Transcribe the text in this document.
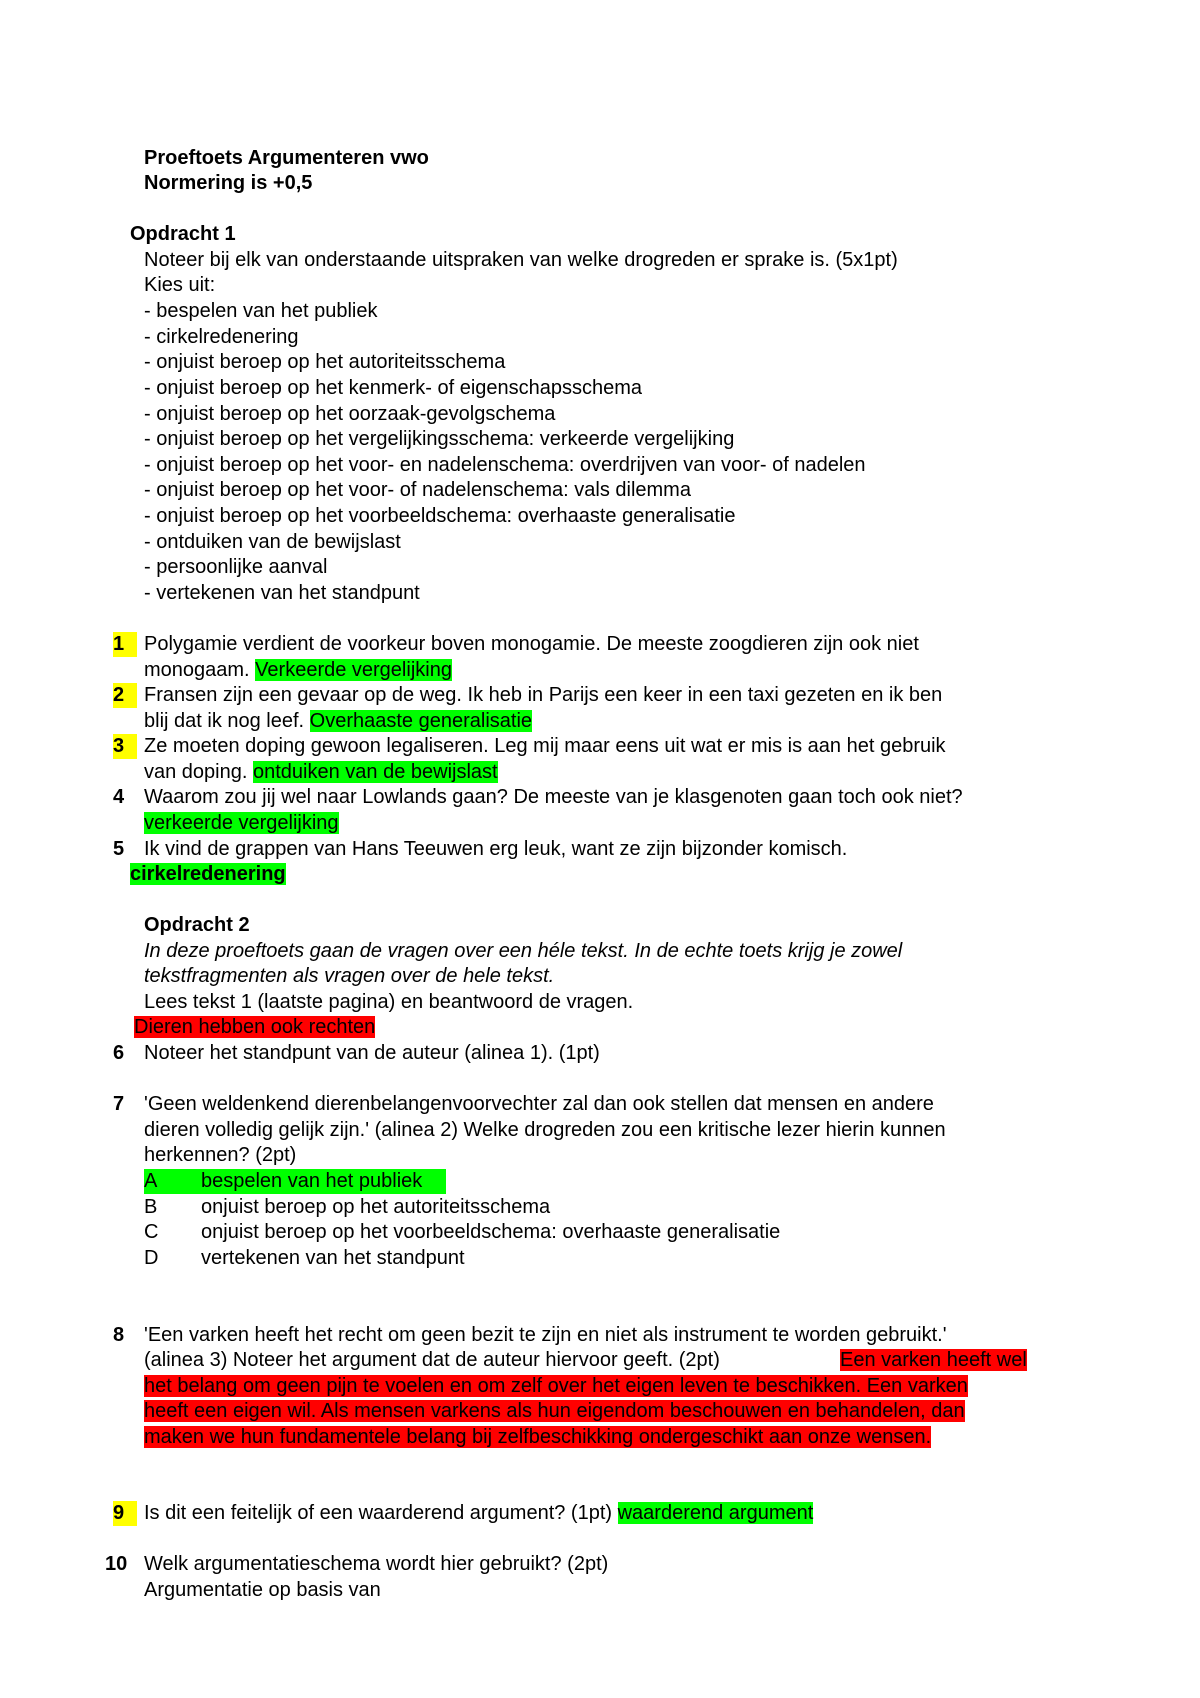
Proeftoets Argumenteren vwo
Normering is +0,5
Opdracht 1
Noteer bij elk van onderstaande uitspraken van welke drogreden er sprake is. (5x1pt)
Kies uit:
- bespelen van het publiek
- cirkelredenering
- onjuist beroep op het autoriteitsschema
- onjuist beroep op het kenmerk- of eigenschapsschema
- onjuist beroep op het oorzaak-gevolgschema
- onjuist beroep op het vergelijkingsschema: verkeerde vergelijking
- onjuist beroep op het voor- en nadelenschema: overdrijven van voor- of nadelen
- onjuist beroep op het voor- of nadelenschema: vals dilemma
- onjuist beroep op het voorbeeldschema: overhaaste generalisatie
- ontduiken van de bewijslast
- persoonlijke aanval
- vertekenen van het standpunt
1 Polygamie verdient de voorkeur boven monogamie. De meeste zoogdieren zijn ook niet
monogaam. Verkeerde vergelijking
2 Fransen zijn een gevaar op de weg. Ik heb in Parijs een keer in een taxi gezeten en ik ben
blij dat ik nog leef. Overhaaste generalisatie
3 Ze moeten doping gewoon legaliseren. Leg mij maar eens uit wat er mis is aan het gebruik
van doping. ontduiken van de bewijslast
4 Waarom zou jij wel naar Lowlands gaan? De meeste van je klasgenoten gaan toch ook niet?
verkeerde vergelijking
5 Ik vind de grappen van Hans Teeuwen erg leuk, want ze zijn bijzonder komisch.
cirkelredenering
Opdracht 2
In deze proeftoets gaan de vragen over een héle tekst. In de echte toets krijg je zowel
tekstfragmenten als vragen over de hele tekst.
Lees tekst 1 (laatste pagina) en beantwoord de vragen.
Dieren hebben ook rechten
6 Noteer het standpunt van de auteur (alinea 1). (1pt)
7 'Geen weldenkend dierenbelangenvoorvechter zal dan ook stellen dat mensen en andere
dieren volledig gelijk zijn.' (alinea 2) Welke drogreden zou een kritische lezer hierin kunnen
herkennen? (2pt)
A bespelen van het publiek
B onjuist beroep op het autoriteitsschema
C onjuist beroep op het voorbeeldschema: overhaaste generalisatie
D vertekenen van het standpunt
8 'Een varken heeft het recht om geen bezit te zijn en niet als instrument te worden gebruikt.'
(alinea 3) Noteer het argument dat de auteur hiervoor geeft. (2pt)	Een varken heeft wel
het belang om geen pijn te voelen en om zelf over het eigen leven te beschikken. Een varken
heeft een eigen wil. Als mensen varkens als hun eigendom beschouwen en behandelen, dan
maken we hun fundamentele belang bij zelfbeschikking ondergeschikt aan onze wensen.
9 Is dit een feitelijk of een waarderend argument? (1pt) waarderend argument
10 Welk argumentatieschema wordt hier gebruikt? (2pt)
Argumentatie op basis van
